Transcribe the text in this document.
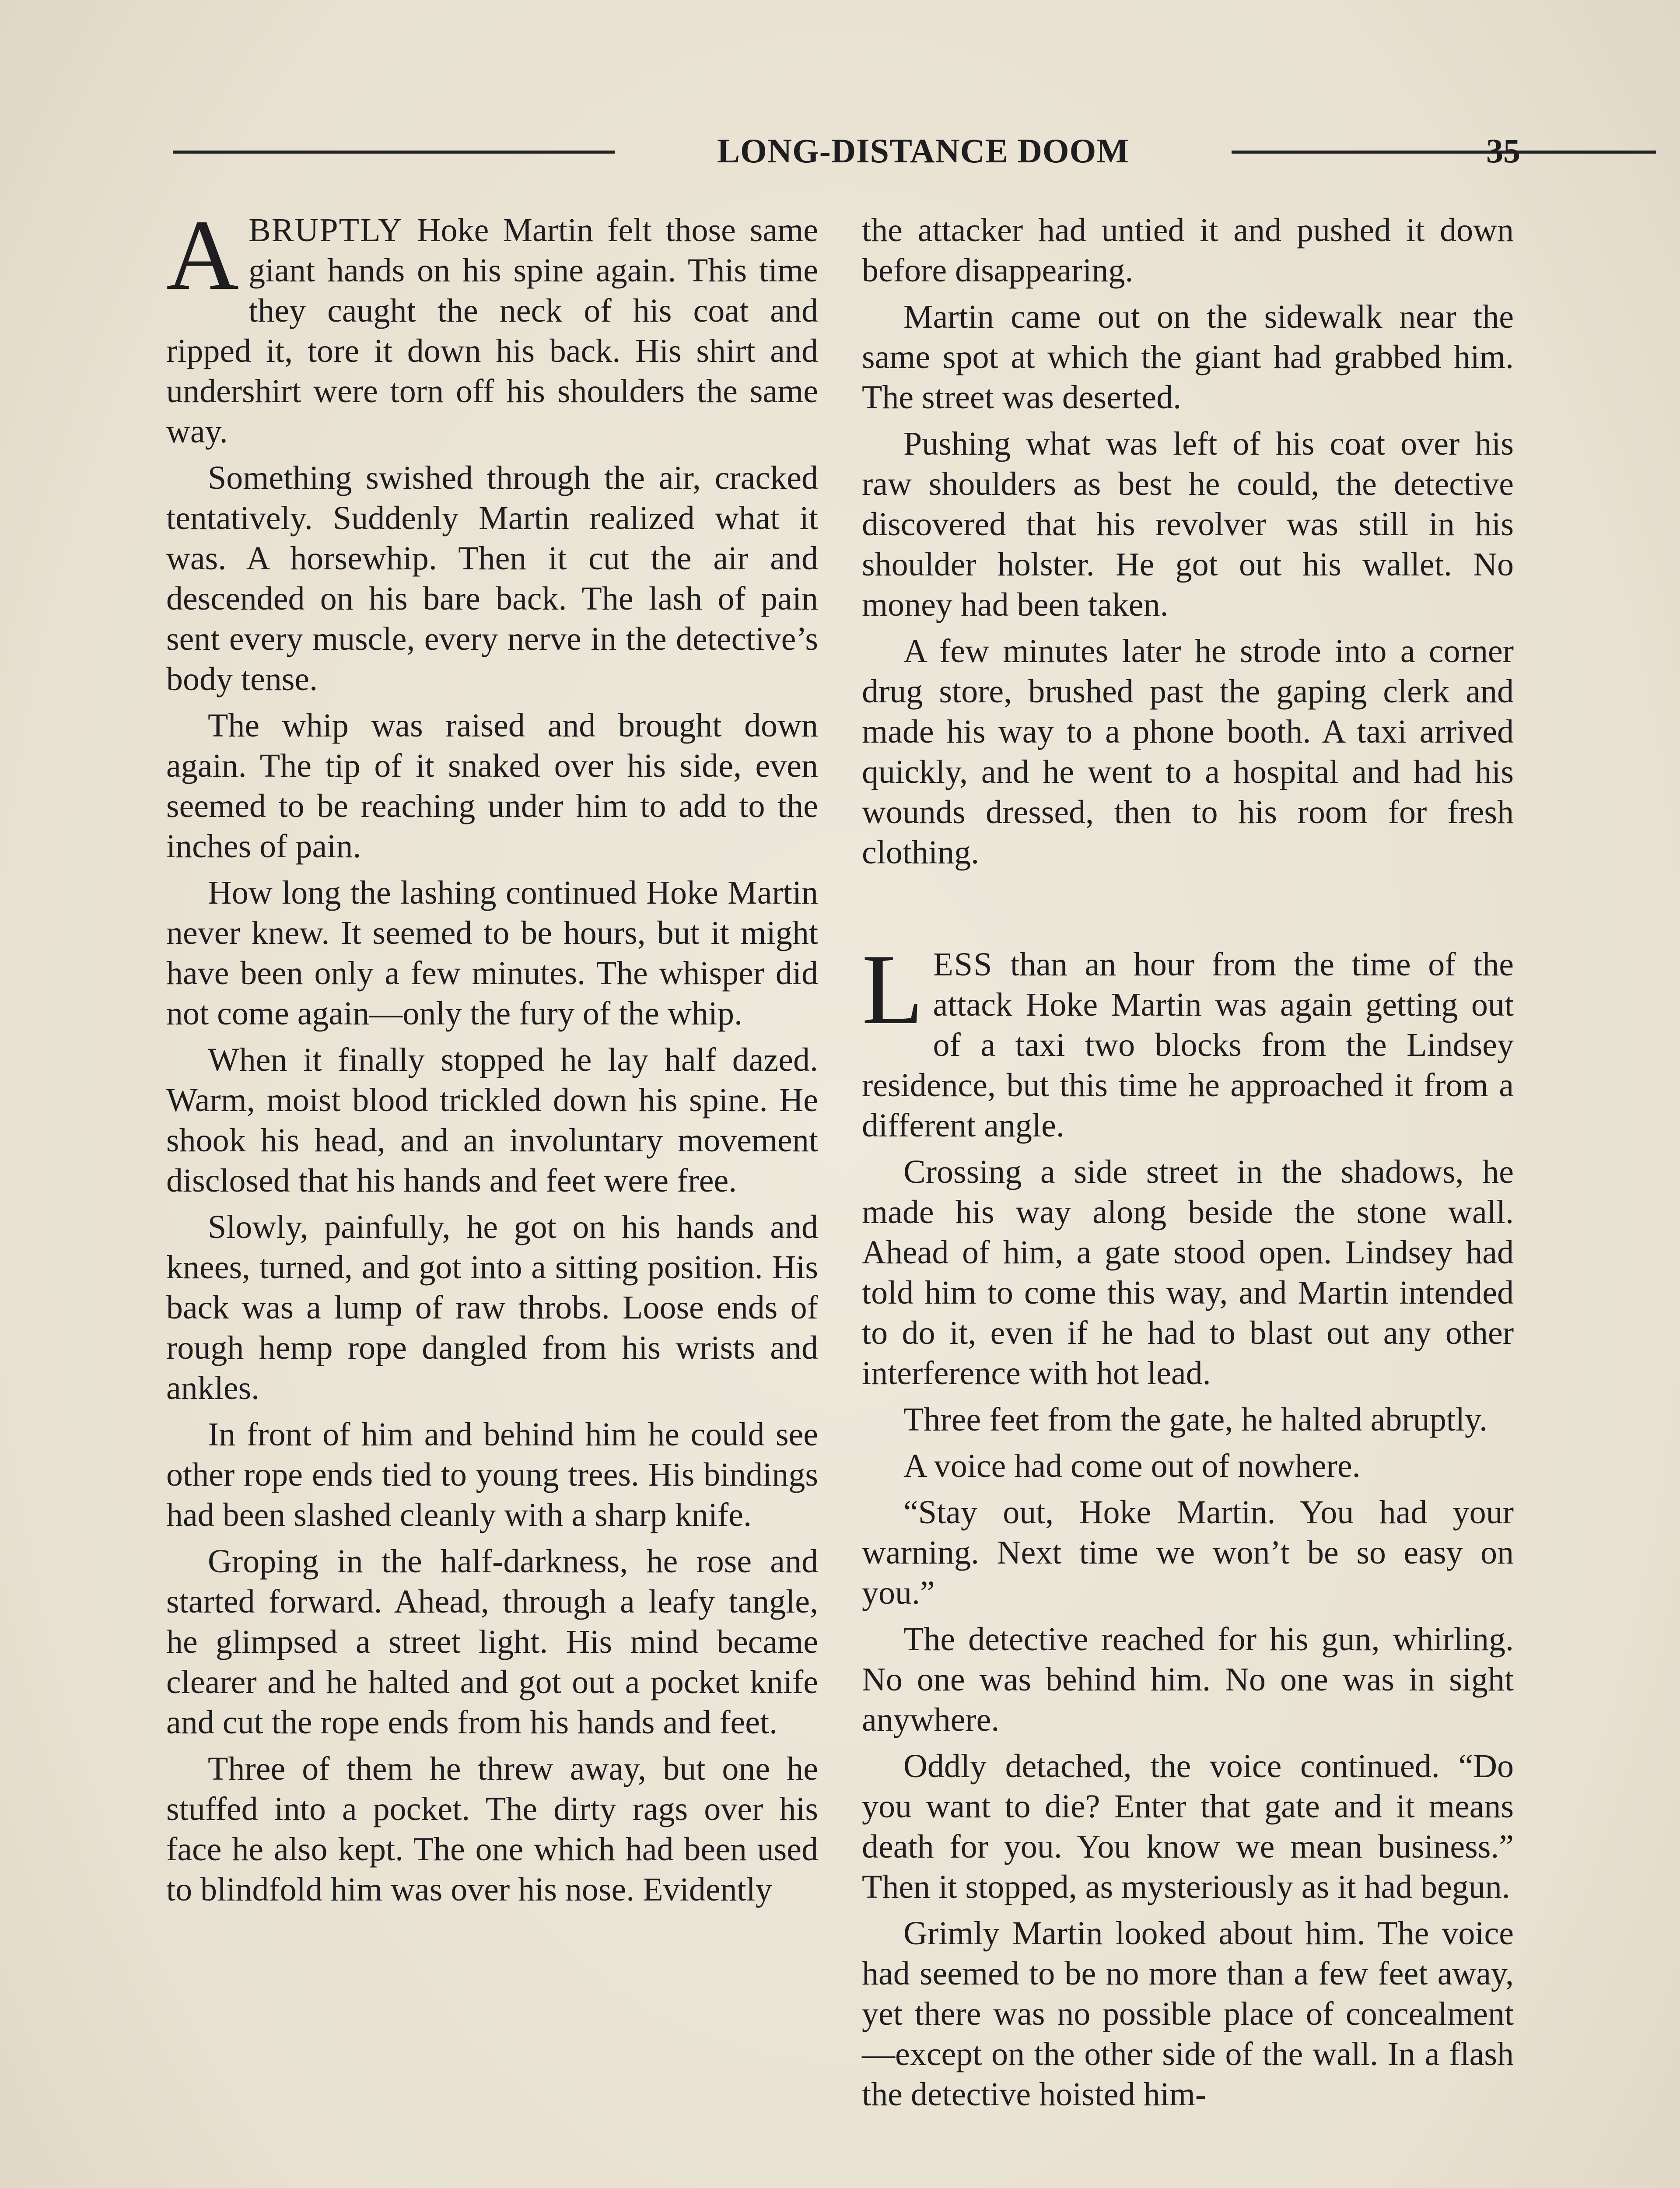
LONG-DISTANCE DOOM	35

ABRUPTLY Hoke Martin felt those same giant hands on his spine again. This time they caught the neck of his coat and ripped it, tore it down his back. His shirt and undershirt were torn off his shoulders the same way.

Something swished through the air, cracked tentatively. Suddenly Martin realized what it was. A horsewhip. Then it cut the air and descended on his bare back. The lash of pain sent every muscle, every nerve in the detective’s body tense.

The whip was raised and brought down again. The tip of it snaked over his side, even seemed to be reaching under him to add to the inches of pain.

How long the lashing continued Hoke Martin never knew. It seemed to be hours, but it might have been only a few minutes. The whisper did not come again—only the fury of the whip.

When it finally stopped he lay half dazed. Warm, moist blood trickled down his spine. He shook his head, and an involuntary movement disclosed that his hands and feet were free.

Slowly, painfully, he got on his hands and knees, turned, and got into a sitting position. His back was a lump of raw throbs. Loose ends of rough hemp rope dangled from his wrists and ankles.

In front of him and behind him he could see other rope ends tied to young trees. His bindings had been slashed cleanly with a sharp knife.

Groping in the half-darkness, he rose and started forward. Ahead, through a leafy tangle, he glimpsed a street light. His mind became clearer and he halted and got out a pocket knife and cut the rope ends from his hands and feet.

Three of them he threw away, but one he stuffed into a pocket. The dirty rags over his face he also kept. The one which had been used to blindfold him was over his nose. Evidently

the attacker had untied it and pushed it down before disappearing.

Martin came out on the sidewalk near the same spot at which the giant had grabbed him. The street was deserted.

Pushing what was left of his coat over his raw shoulders as best he could, the detective discovered that his revolver was still in his shoulder holster. He got out his wallet. No money had been taken.

A few minutes later he strode into a corner drug store, brushed past the gaping clerk and made his way to a phone booth. A taxi arrived quickly, and he went to a hospital and had his wounds dressed, then to his room for fresh clothing.

LESS than an hour from the time of the attack Hoke Martin was again getting out of a taxi two blocks from the Lindsey residence, but this time he approached it from a different angle.

Crossing a side street in the shadows, he made his way along beside the stone wall. Ahead of him, a gate stood open. Lindsey had told him to come this way, and Martin intended to do it, even if he had to blast out any other interference with hot lead.

Three feet from the gate, he halted abruptly.

A voice had come out of nowhere.

“Stay out, Hoke Martin. You had your warning. Next time we won’t be so easy on you.”

The detective reached for his gun, whirling. No one was behind him. No one was in sight anywhere.

Oddly detached, the voice continued. “Do you want to die? Enter that gate and it means death for you. You know we mean business.” Then it stopped, as mysteriously as it had begun.

Grimly Martin looked about him. The voice had seemed to be no more than a few feet away, yet there was no possible place of concealment—except on the other side of the wall. In a flash the detective hoisted him-
